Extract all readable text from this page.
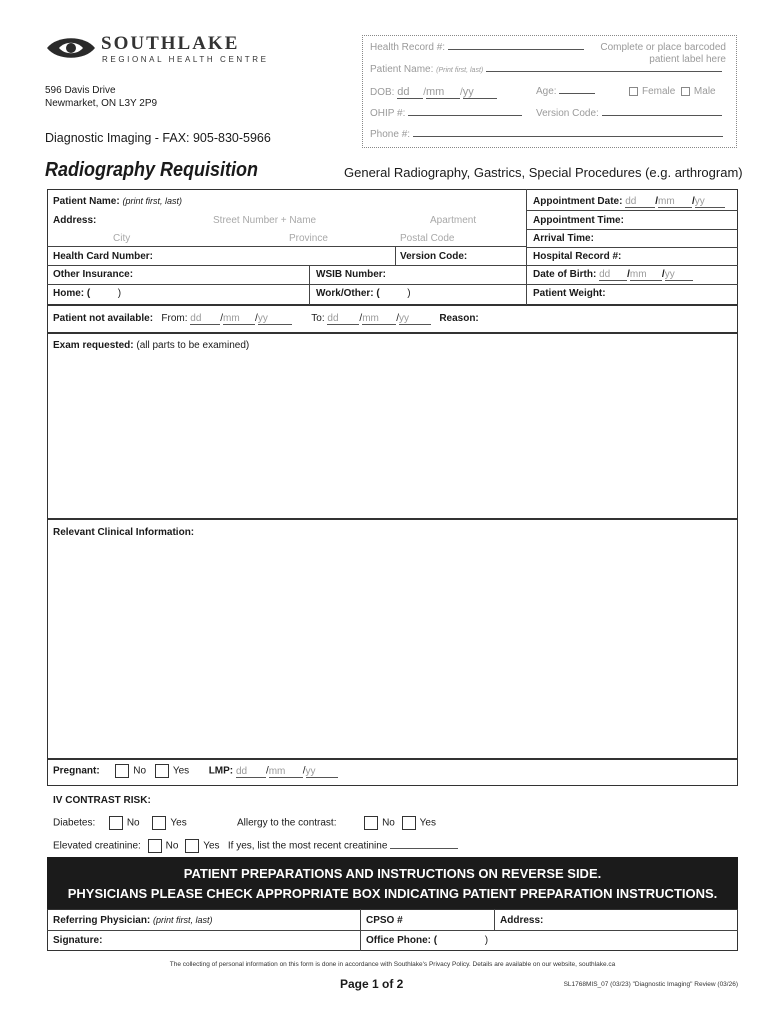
SOUTHLAKE
REGIONAL HEALTH CENTRE
596 Davis Drive
Newmarket, ON L3Y 2P9
Diagnostic Imaging - FAX: 905-830-5966
Health Record #:	Complete or place barcoded
patient label here
Patient Name: (Print first, last)
DOB: dd /mm /yy	Age:	Female Male
OHIP #:	Version Code:
Phone #:
Radiography Requisition	General Radiography, Gastrics, Special Procedures (e.g. arthrogram)
Patient Name: (print first, last)
Address:	Street Number + Name	Apartment
City	Province	Postal Code
Health Card Number:	Version Code:
Other Insurance:	WSIB Number:
Home: (	)	Work/Other: (	)
Appointment Date: dd /mm /yy
Appointment Time:
Arrival Time:
Hospital Record #:
Date of Birth: dd /mm /yy
Patient Weight:
Patient not available: From: dd /mm /yy	To: dd /mm /yy	Reason:
Exam requested: (all parts to be examined)
Relevant Clinical Information:
Pregnant:	No	Yes LMP: dd /mm /yy
IV CONTRAST RISK:
Diabetes:	No	Yes	Allergy to the contrast:	No Yes
Elevated creatinine: No Yes If yes, list the most recent creatinine
PATIENT PREPARATIONS AND INSTRUCTIONS ON REVERSE SIDE.
PHYSICIANS PLEASE CHECK APPROPRIATE BOX INDICATING PATIENT PREPARATION INSTRUCTIONS.
Referring Physician: (print first, last)	CPSO #	Address:
Signature:	Office Phone: (	)
The collecting of personal information on this form is done in accordance with Southlake's Privacy Policy. Details are available on our website, southlake.ca
Page 1 of 2	SL1768MIS_07 (03/23) "Diagnostic Imaging" Review (03/26)
